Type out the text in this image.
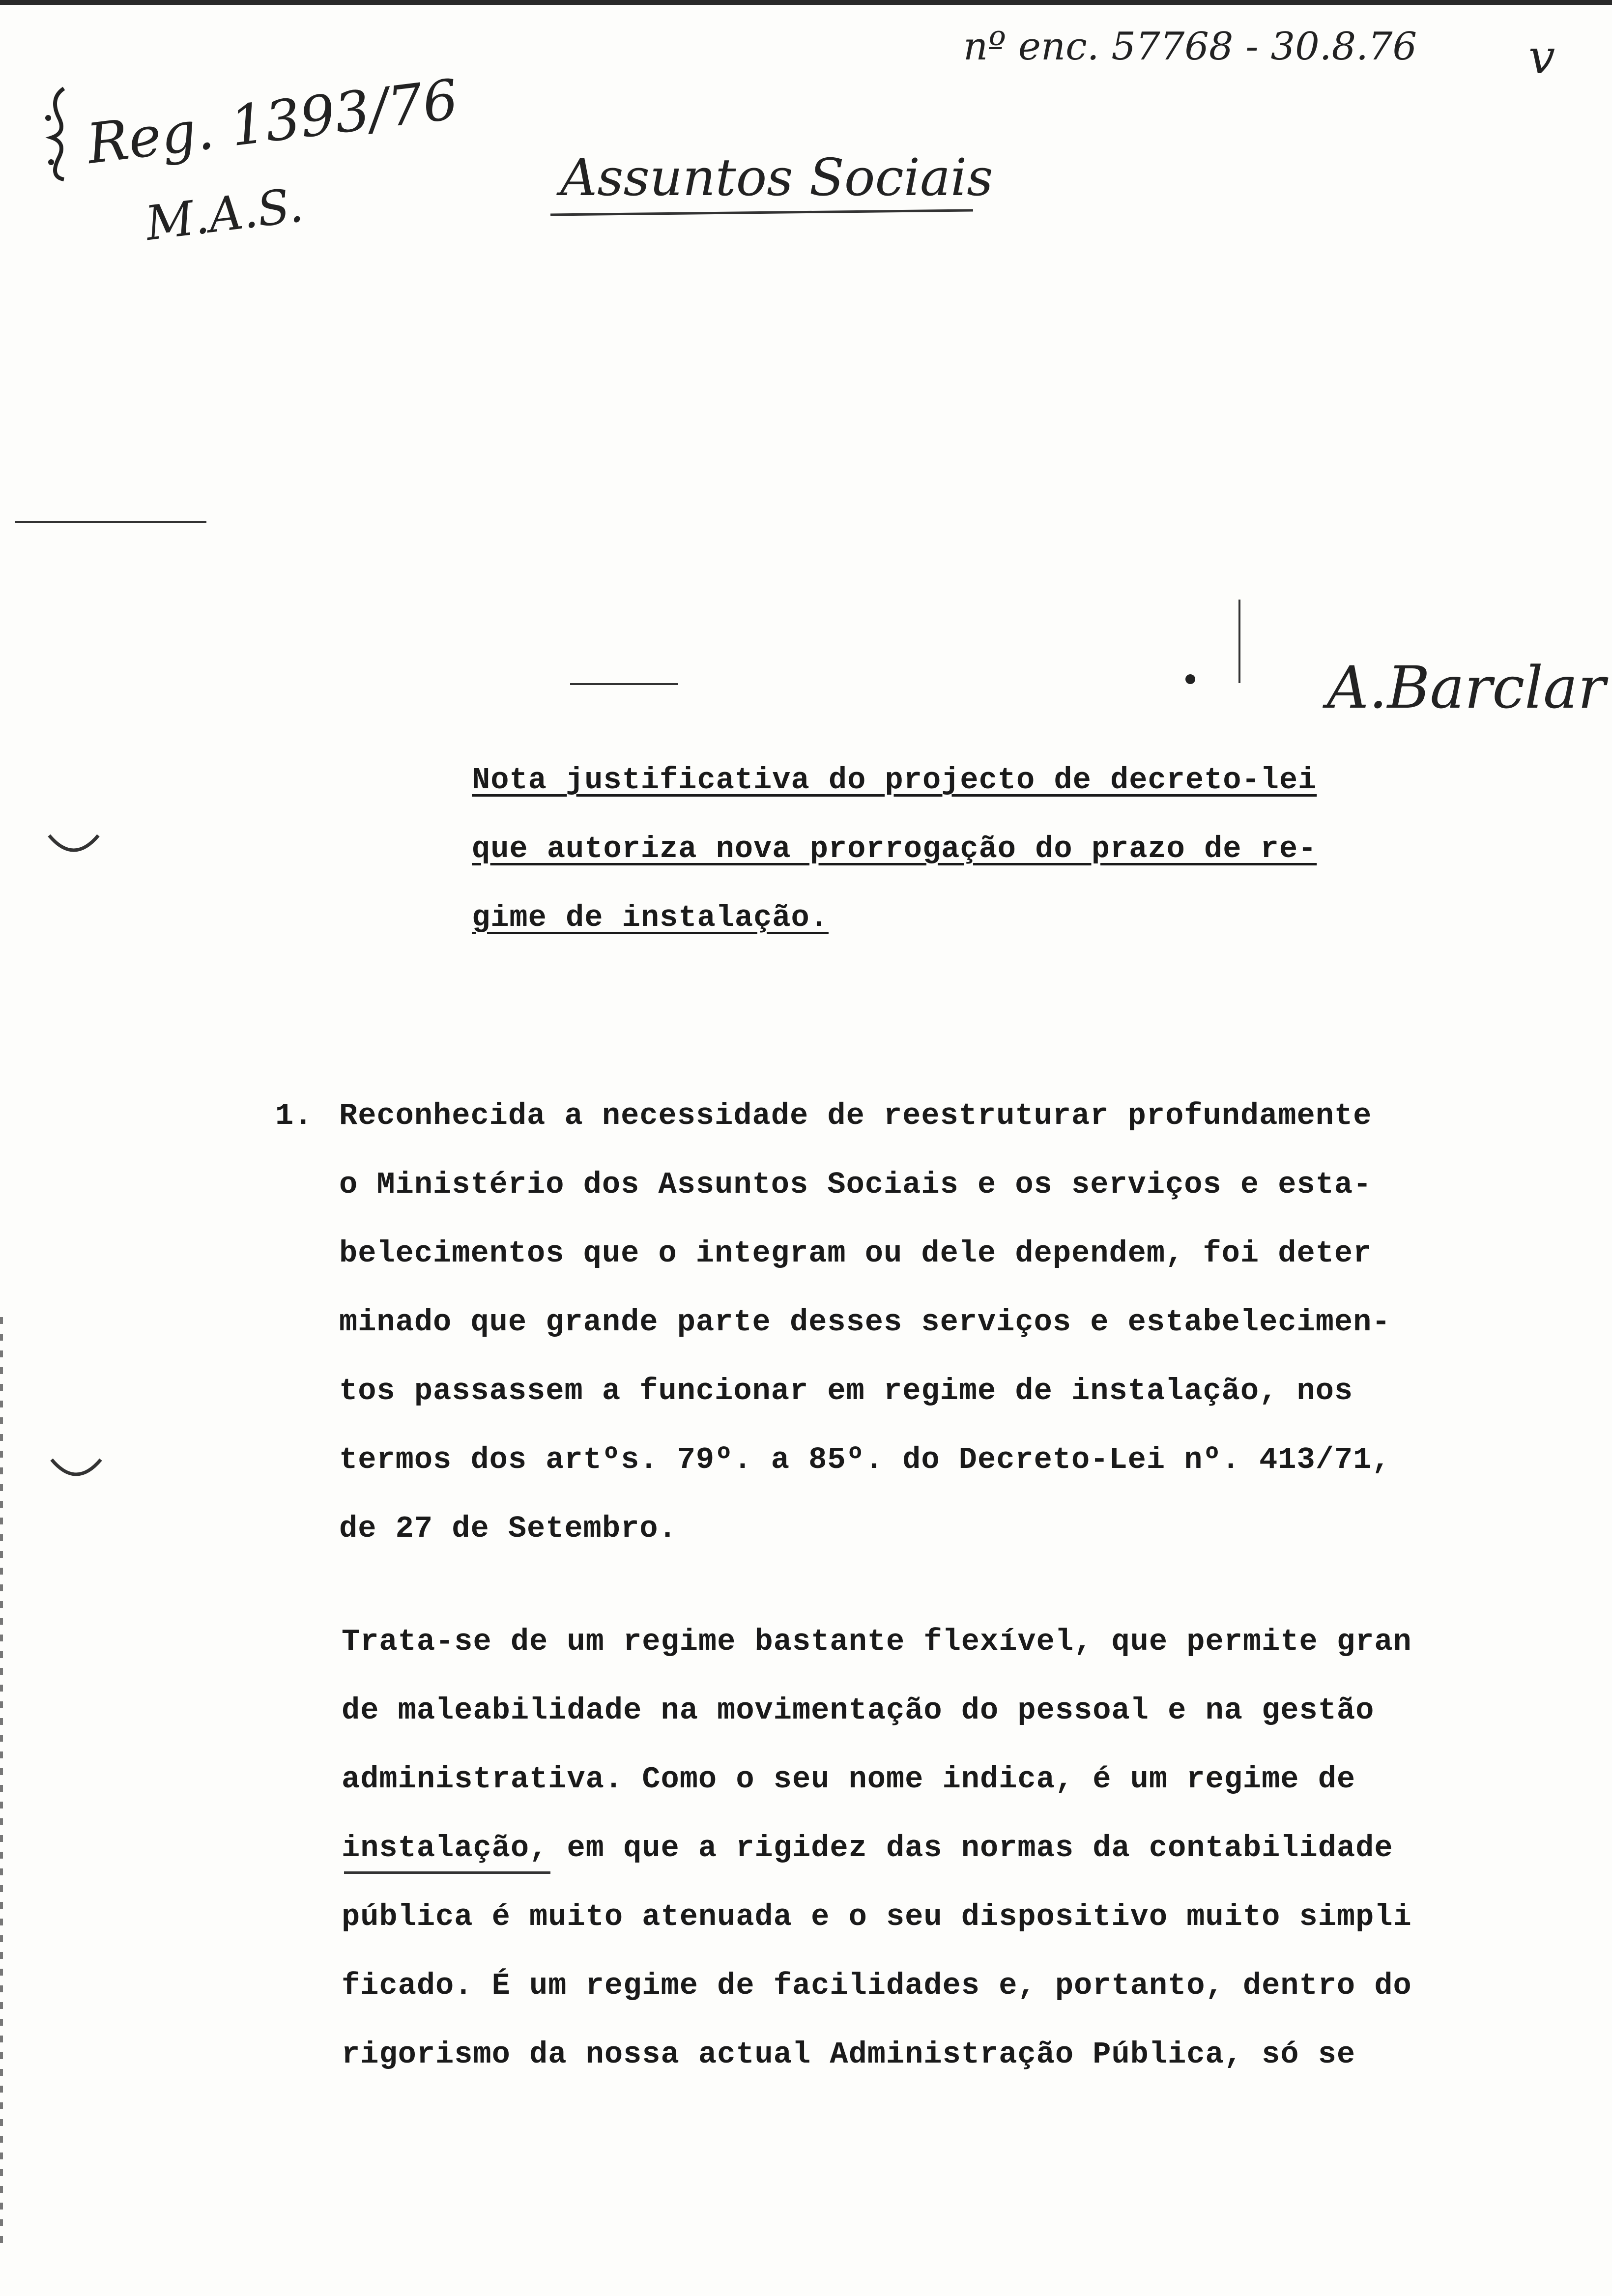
nº enc. 57768 - 30.8.76 v
Reg. 1393/76
M.A.S.	Assuntos Sociais
A.Barclar
Nota justificativa do projecto de decreto-lei
que autoriza nova prorrogação do prazo de re-
gime de instalação.
1. Reconhecida a necessidade de reestruturar profundamente
o Ministério dos Assuntos Sociais e os serviços e esta-
belecimentos que o integram ou dele dependem, foi deter
minado que grande parte desses serviços e estabelecimen-
tos passassem a funcionar em regime de instalação, nos
termos dos artºs. 79º. a 85º. do Decreto-Lei nº. 413/71,
de 27 de Setembro.
Trata-se de um regime bastante flexível, que permite gran
de maleabilidade na movimentação do pessoal e na gestão
administrativa. Como o seu nome indica, é um regime de
instalação, em que a rigidez das normas da contabilidade
pública é muito atenuada e o seu dispositivo muito simpli
ficado. É um regime de facilidades e, portanto, dentro do
rigorismo da nossa actual Administração Pública, só se
